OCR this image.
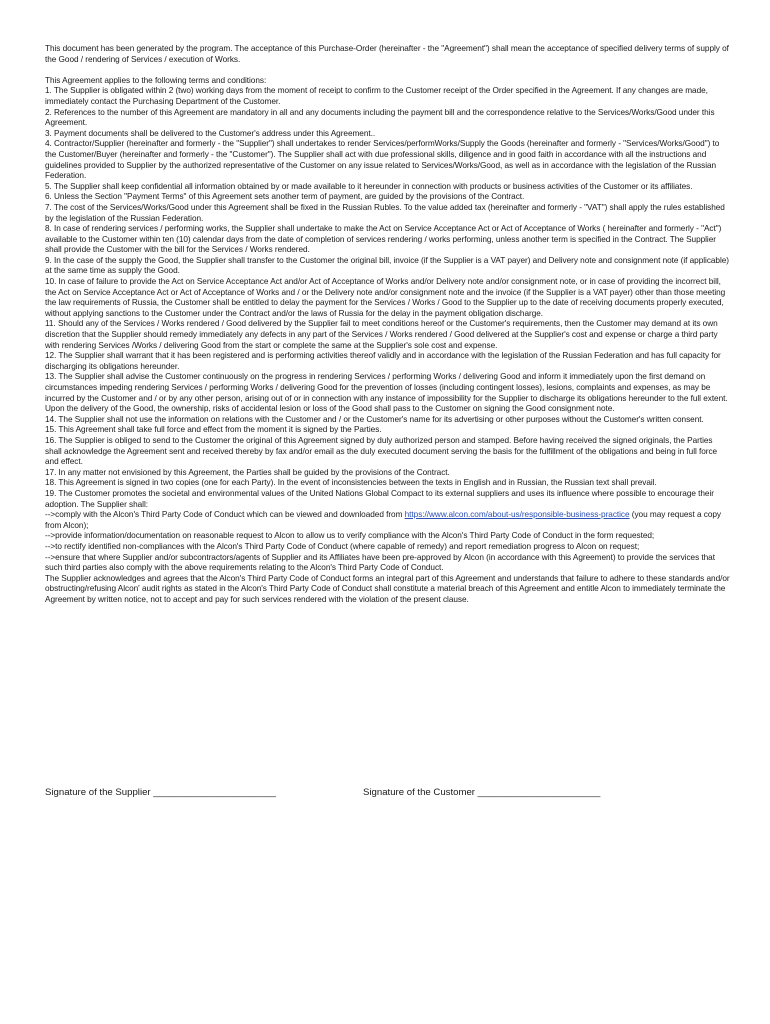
This document has been generated by the program. The acceptance of this Purchase-Order (hereinafter - the "Agreement") shall mean the acceptance of specified delivery terms of supply of the Good / rendering of Services / execution of Works.

This Agreement applies to the following terms and conditions:

1. The Supplier is obligated within 2 (two) working days from the moment of receipt to confirm to the Customer receipt of the Order specified in the Agreement. If any changes are made, immediately contact the Purchasing Department of the Customer.

2. References to the number of this Agreement are mandatory in all and any documents including the payment bill and the correspondence relative to the Services/Works/Good under this Agreement.

3. Payment documents shall be delivered to the Customer's address under this Agreement..

4. Contractor/Supplier (hereinafter and formerly - the "Supplier") shall undertakes to render Services/performWorks/Supply the Goods (hereinafter and formerly - "Services/Works/Good") to the Customer/Buyer (hereinafter and formerly - the "Customer"). The Supplier shall act with due professional skills, diligence and in good faith in accordance with all the instructions and guidelines provided to Supplier by the authorized representative of the Customer on any issue related to Services/Works/Good, as well as in accordance with the legislation of the Russian Federation.

5. The Supplier shall keep confidential all information obtained by or made available to it hereunder in connection with products or business activities of the Customer or its affiliates.

6. Unless the Section "Payment Terms" of this Agreement sets another term of payment, are guided by the provisions of the Contract.

7. The cost of the Services/Works/Good under this Agreement shall be fixed in the Russian Rubles. To the value added tax (hereinafter and formerly - "VAT") shall apply the rules established by the legislation of the Russian Federation.

8. In case of rendering services / performing works, the Supplier shall undertake to make the Act on Service Acceptance Act or Act of Acceptance of Works ( hereinafter and formerly - "Act") available to the Customer within ten (10) calendar days from the date of completion of services rendering / works performing, unless another term is specified in the Contract. The Supplier shall provide the Customer with the bill for the Services / Works rendered.

9. In the case of the supply the Good, the Supplier shall transfer to the Customer the original bill, invoice (if the Supplier is a VAT payer) and Delivery note and consignment note (if applicable) at the same time as supply the Good.

10. In case of failure to provide the Act on Service Acceptance Act and/or Act of Acceptance of Works and/or Delivery note and/or consignment note, or in case of providing the incorrect bill, the Act on Service Acceptance Act or Act of Acceptance of Works and / or the Delivery note and/or consignment note and the invoice (if the Supplier is a VAT payer) other than those meeting the law requirements of Russia, the Customer shall be entitled to delay the payment for the Services / Works / Good to the Supplier up to the date of receiving documents properly executed, without applying sanctions to the Customer under the Contract and/or the laws of Russia for the delay in the payment obligation discharge.

11. Should any of the Services / Works rendered / Good delivered by the Supplier fail to meet conditions hereof or the Customer's requirements, then the Customer may demand at its own discretion that the Supplier should remedy immediately any defects in any part of the Services / Works rendered / Good delivered at the Supplier's cost and expense or charge a third party with rendering Services /Works / delivering Good from the start or complete the same at the Supplier's sole cost and expense.

12. The Supplier shall warrant that it has been registered and is performing activities thereof validly and in accordance with the legislation of the Russian Federation and has full capacity for discharging its obligations hereunder.

13. The Supplier shall advise the Customer continuously on the progress in rendering Services / performing Works / delivering Good and inform it immediately upon the first demand on circumstances impeding rendering Services / performing Works / delivering Good for the prevention of losses (including contingent losses), lesions, complaints and expenses, as may be incurred by the Customer and / or by any other person, arising out of or in connection with any instance of impossibility for the Supplier to discharge its obligations hereunder to the full extent. Upon the delivery of the Good, the ownership, risks of accidental lesion or loss of the Good shall pass to the Customer on signing the Good consignment note.

14. The Supplier shall not use the information on relations with the Customer and / or the Customer's name for its advertising or other purposes without the Customer's written consent.

15. This Agreement shall take full force and effect from the moment it is signed by the Parties.

16. The Supplier is obliged to send to the Customer the original of this Agreement signed by duly authorized person and stamped. Before having received the signed originals, the Parties shall acknowledge the Agreement sent and received thereby by fax and/or email as the duly executed document serving the basis for the fulfillment of the obligations and being in full force and effect.

17. In any matter not envisioned by this Agreement, the Parties shall be guided by the provisions of the Contract.

18. This Agreement is signed in two copies (one for each Party). In the event of inconsistencies between the texts in English and in Russian, the Russian text shall prevail.

19. The Customer promotes the societal and environmental values of the United Nations Global Compact to its external suppliers and uses its influence where possible to encourage their adoption. The Supplier shall:

-->comply with the Alcon's Third Party Code of Conduct which can be viewed and downloaded from https://www.alcon.com/about-us/responsible-business-practice (you may request a copy from Alcon);

-->provide information/documentation on reasonable request to Alcon to allow us to verify compliance with the Alcon's Third Party Code of Conduct in the form requested;

-->to rectify identified non-compliances with the Alcon's Third Party Code of Conduct (where capable of remedy) and report remediation progress to Alcon on request;

-->ensure that where Supplier and/or subcontractors/agents of Supplier and its Affiliates have been pre-approved by Alcon (in accordance with this Agreement) to provide the services that such third parties also comply with the above requirements relating to the Alcon's Third Party Code of Conduct.

The Supplier acknowledges and agrees that the Alcon's Third Party Code of Conduct forms an integral part of this Agreement and understands that failure to adhere to these standards and/or obstructing/refusing Alcon' audit rights as stated in the Alcon's Third Party Code of Conduct shall constitute a material breach of this Agreement and entitle Alcon to immediately terminate the Agreement by written notice, not to accept and pay for such services rendered with the violation of the present clause.

Signature of the Supplier _______________________	Signature of the Customer _______________________
